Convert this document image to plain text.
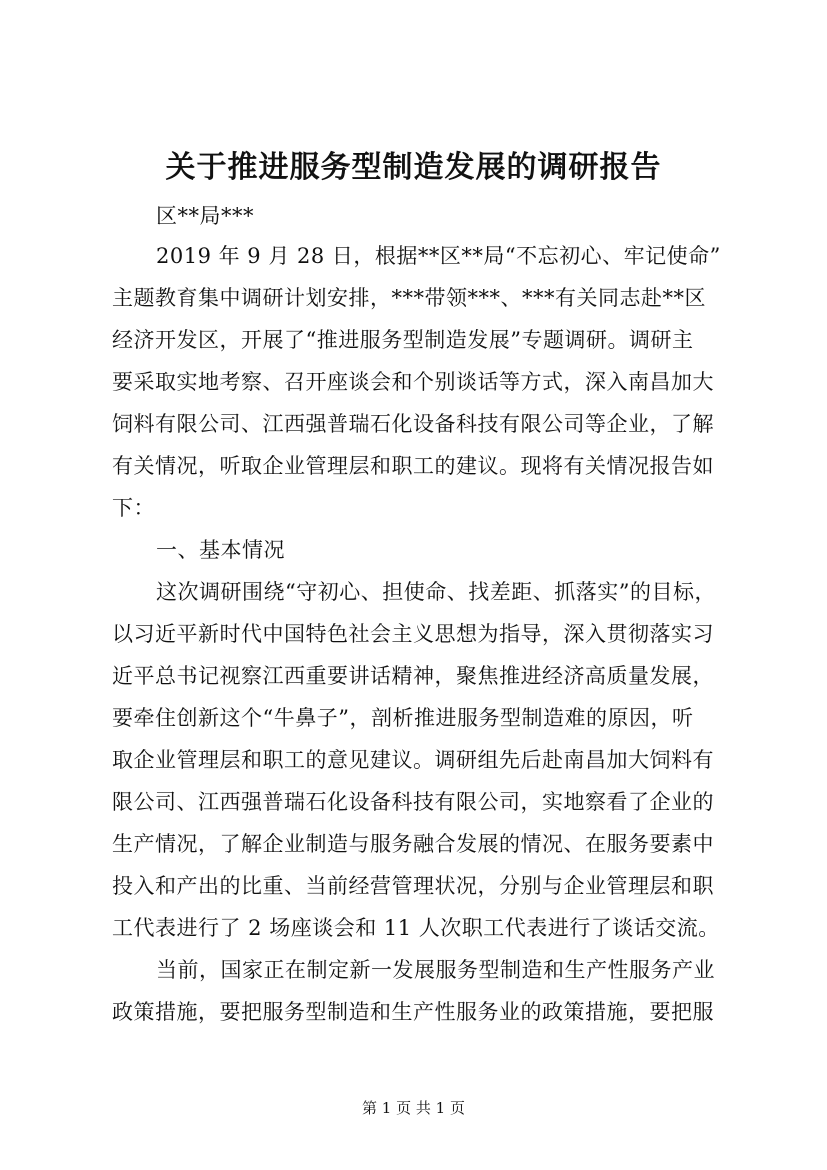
关于推进服务型制造发展的调研报告
区**局***
2019 年 9 月 28 日，根据**区**局“不忘初心、牢记使命”
主题教育集中调研计划安排，***带领***、***有关同志赴**区
经济开发区，开展了“推进服务型制造发展”专题调研。调研主
要采取实地考察、召开座谈会和个别谈话等方式，深入南昌加大
饲料有限公司、江西强普瑞石化设备科技有限公司等企业，了解
有关情况，听取企业管理层和职工的建议。现将有关情况报告如
下：
一、基本情况
这次调研围绕“守初心、担使命、找差距、抓落实”的目标，
以习近平新时代中国特色社会主义思想为指导，深入贯彻落实习
近平总书记视察江西重要讲话精神，聚焦推进经济高质量发展，
要牵住创新这个“牛鼻子”，剖析推进服务型制造难的原因，听
取企业管理层和职工的意见建议。调研组先后赴南昌加大饲料有
限公司、江西强普瑞石化设备科技有限公司，实地察看了企业的
生产情况，了解企业制造与服务融合发展的情况、在服务要素中
投入和产出的比重、当前经营管理状况，分别与企业管理层和职
工代表进行了 2 场座谈会和 11 人次职工代表进行了谈话交流。
当前，国家正在制定新一发展服务型制造和生产性服务产业
政策措施，要把服务型制造和生产性服务业的政策措施，要把服
第 1 页 共 1 页
